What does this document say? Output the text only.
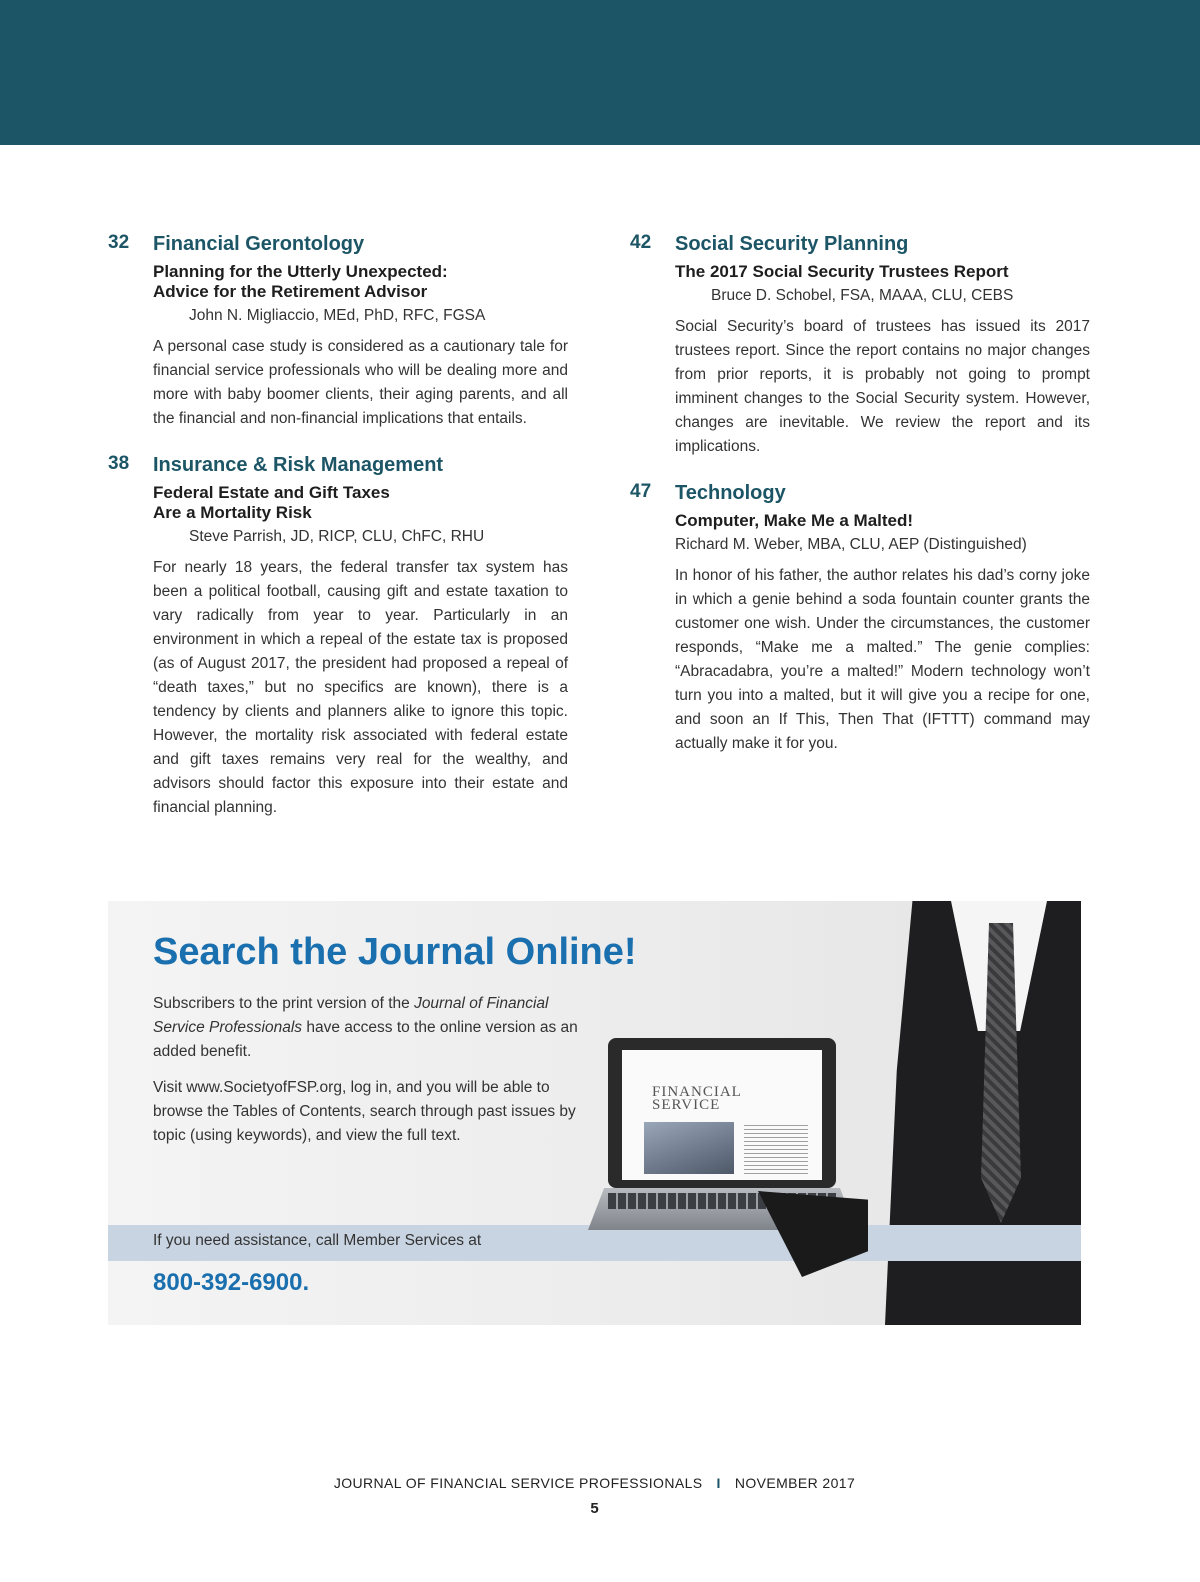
32 Financial Gerontology
Planning for the Utterly Unexpected:
Advice for the Retirement Advisor
John N. Migliaccio, MEd, PhD, RFC, FGSA

A personal case study is considered as a cautionary tale for financial service professionals who will be dealing more and more with baby boomer clients, their aging parents, and all the financial and non-financial implications that entails.

38 Insurance & Risk Management
Federal Estate and Gift Taxes
Are a Mortality Risk
Steve Parrish, JD, RICP, CLU, ChFC, RHU

For nearly 18 years, the federal transfer tax system has been a political football, causing gift and estate taxation to vary radically from year to year. Particularly in an environment in which a repeal of the estate tax is proposed (as of August 2017, the president had proposed a repeal of “death taxes,” but no specifics are known), there is a tendency by clients and planners alike to ignore this topic. However, the mortality risk associated with federal estate and gift taxes remains very real for the wealthy, and advisors should factor this exposure into their estate and financial planning.

42 Social Security Planning
The 2017 Social Security Trustees Report
Bruce D. Schobel, FSA, MAAA, CLU, CEBS

Social Security’s board of trustees has issued its 2017 trustees report. Since the report contains no major changes from prior reports, it is probably not going to prompt imminent changes to the Social Security system. However, changes are inevitable. We review the report and its implications.

47 Technology
Computer, Make Me a Malted!
Richard M. Weber, MBA, CLU, AEP (Distinguished)

In honor of his father, the author relates his dad’s corny joke in which a genie behind a soda fountain counter grants the customer one wish. Under the circumstances, the customer responds, “Make me a malted.” The genie complies: “Abracadabra, you’re a malted!” Modern technology won’t turn you into a malted, but it will give you a recipe for one, and soon an If This, Then That (IFTTT) command may actually make it for you.

Search the Journal Online!

Subscribers to the print version of the Journal of Financial Service Professionals have access to the online version as an added benefit.

Visit www.SocietyofFSP.org, log in, and you will be able to browse the Tables of Contents, search through past issues by topic (using keywords), and view the full text.

If you need assistance, call Member Services at
800-392-6900.
FINANCIAL
SERVICE
JOURNAL OF FINANCIAL SERVICE PROFESSIONALS I NOVEMBER 2017
5
